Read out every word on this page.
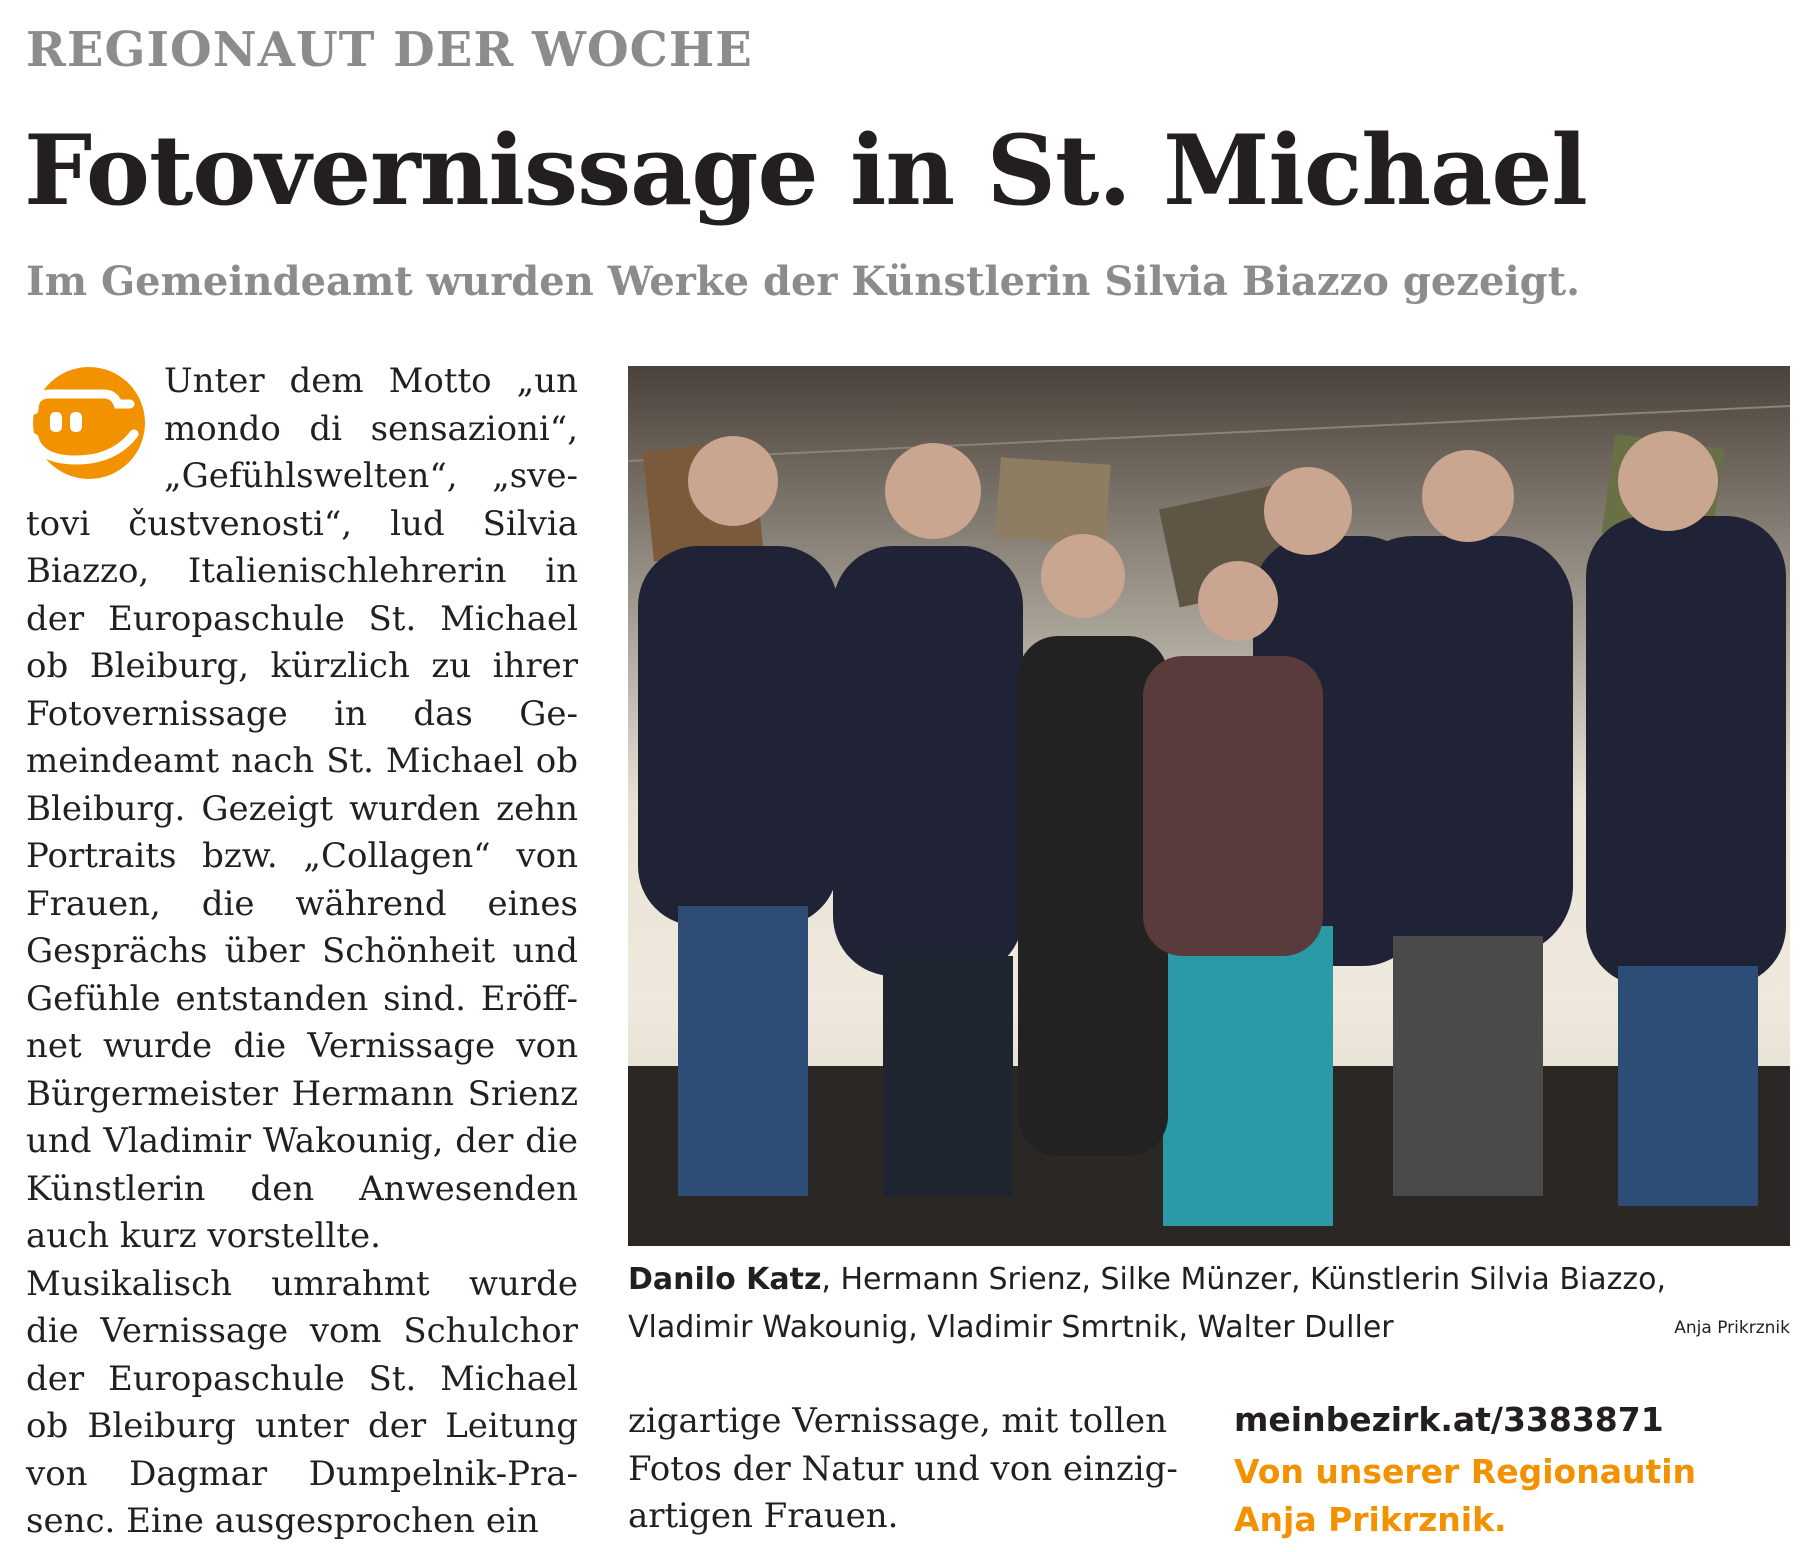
REGIONAUT DER WOCHE
Fotovernissage in St. Michael
Im Gemeindeamt wurden Werke der Künstlerin Silvia Biazzo gezeigt.

Unter dem Motto „un mondo di sensazioni“, „Gefühlswelten“, „svetovi čustvenosti“, lud Silvia Biazzo, Italienischlehrerin in der Europaschule St. Michael ob Bleiburg, kürzlich zu ihrer Fotovernissage in das Gemeindeamt nach St. Michael ob Bleiburg. Gezeigt wurden zehn Portraits bzw. „Collagen“ von Frauen, die während eines Gesprächs über Schönheit und Gefühle entstanden sind. Eröffnet wurde die Vernissage von Bürgermeister Hermann Srienz und Vladimir Wakounig, der die Künstlerin den Anwesenden auch kurz vorstellte.

Musikalisch umrahmt wurde die Vernissage vom Schulchor der Europaschule St. Michael ob Bleiburg unter der Leitung von Dagmar Dumpelnik-Prasenc. Eine ausgesprochen ein

Danilo Katz, Hermann Srienz, Silke Münzer, Künstlerin Silvia Biazzo, Vladimir Wakounig, Vladimir Smrtnik, Walter Duller	Anja Prikrznik

zigartige Vernissage, mit tollen Fotos der Natur und von einzigartigen Frauen.

meinbezirk.at/3383871
Von unserer Regionautin Anja Prikrznik.
